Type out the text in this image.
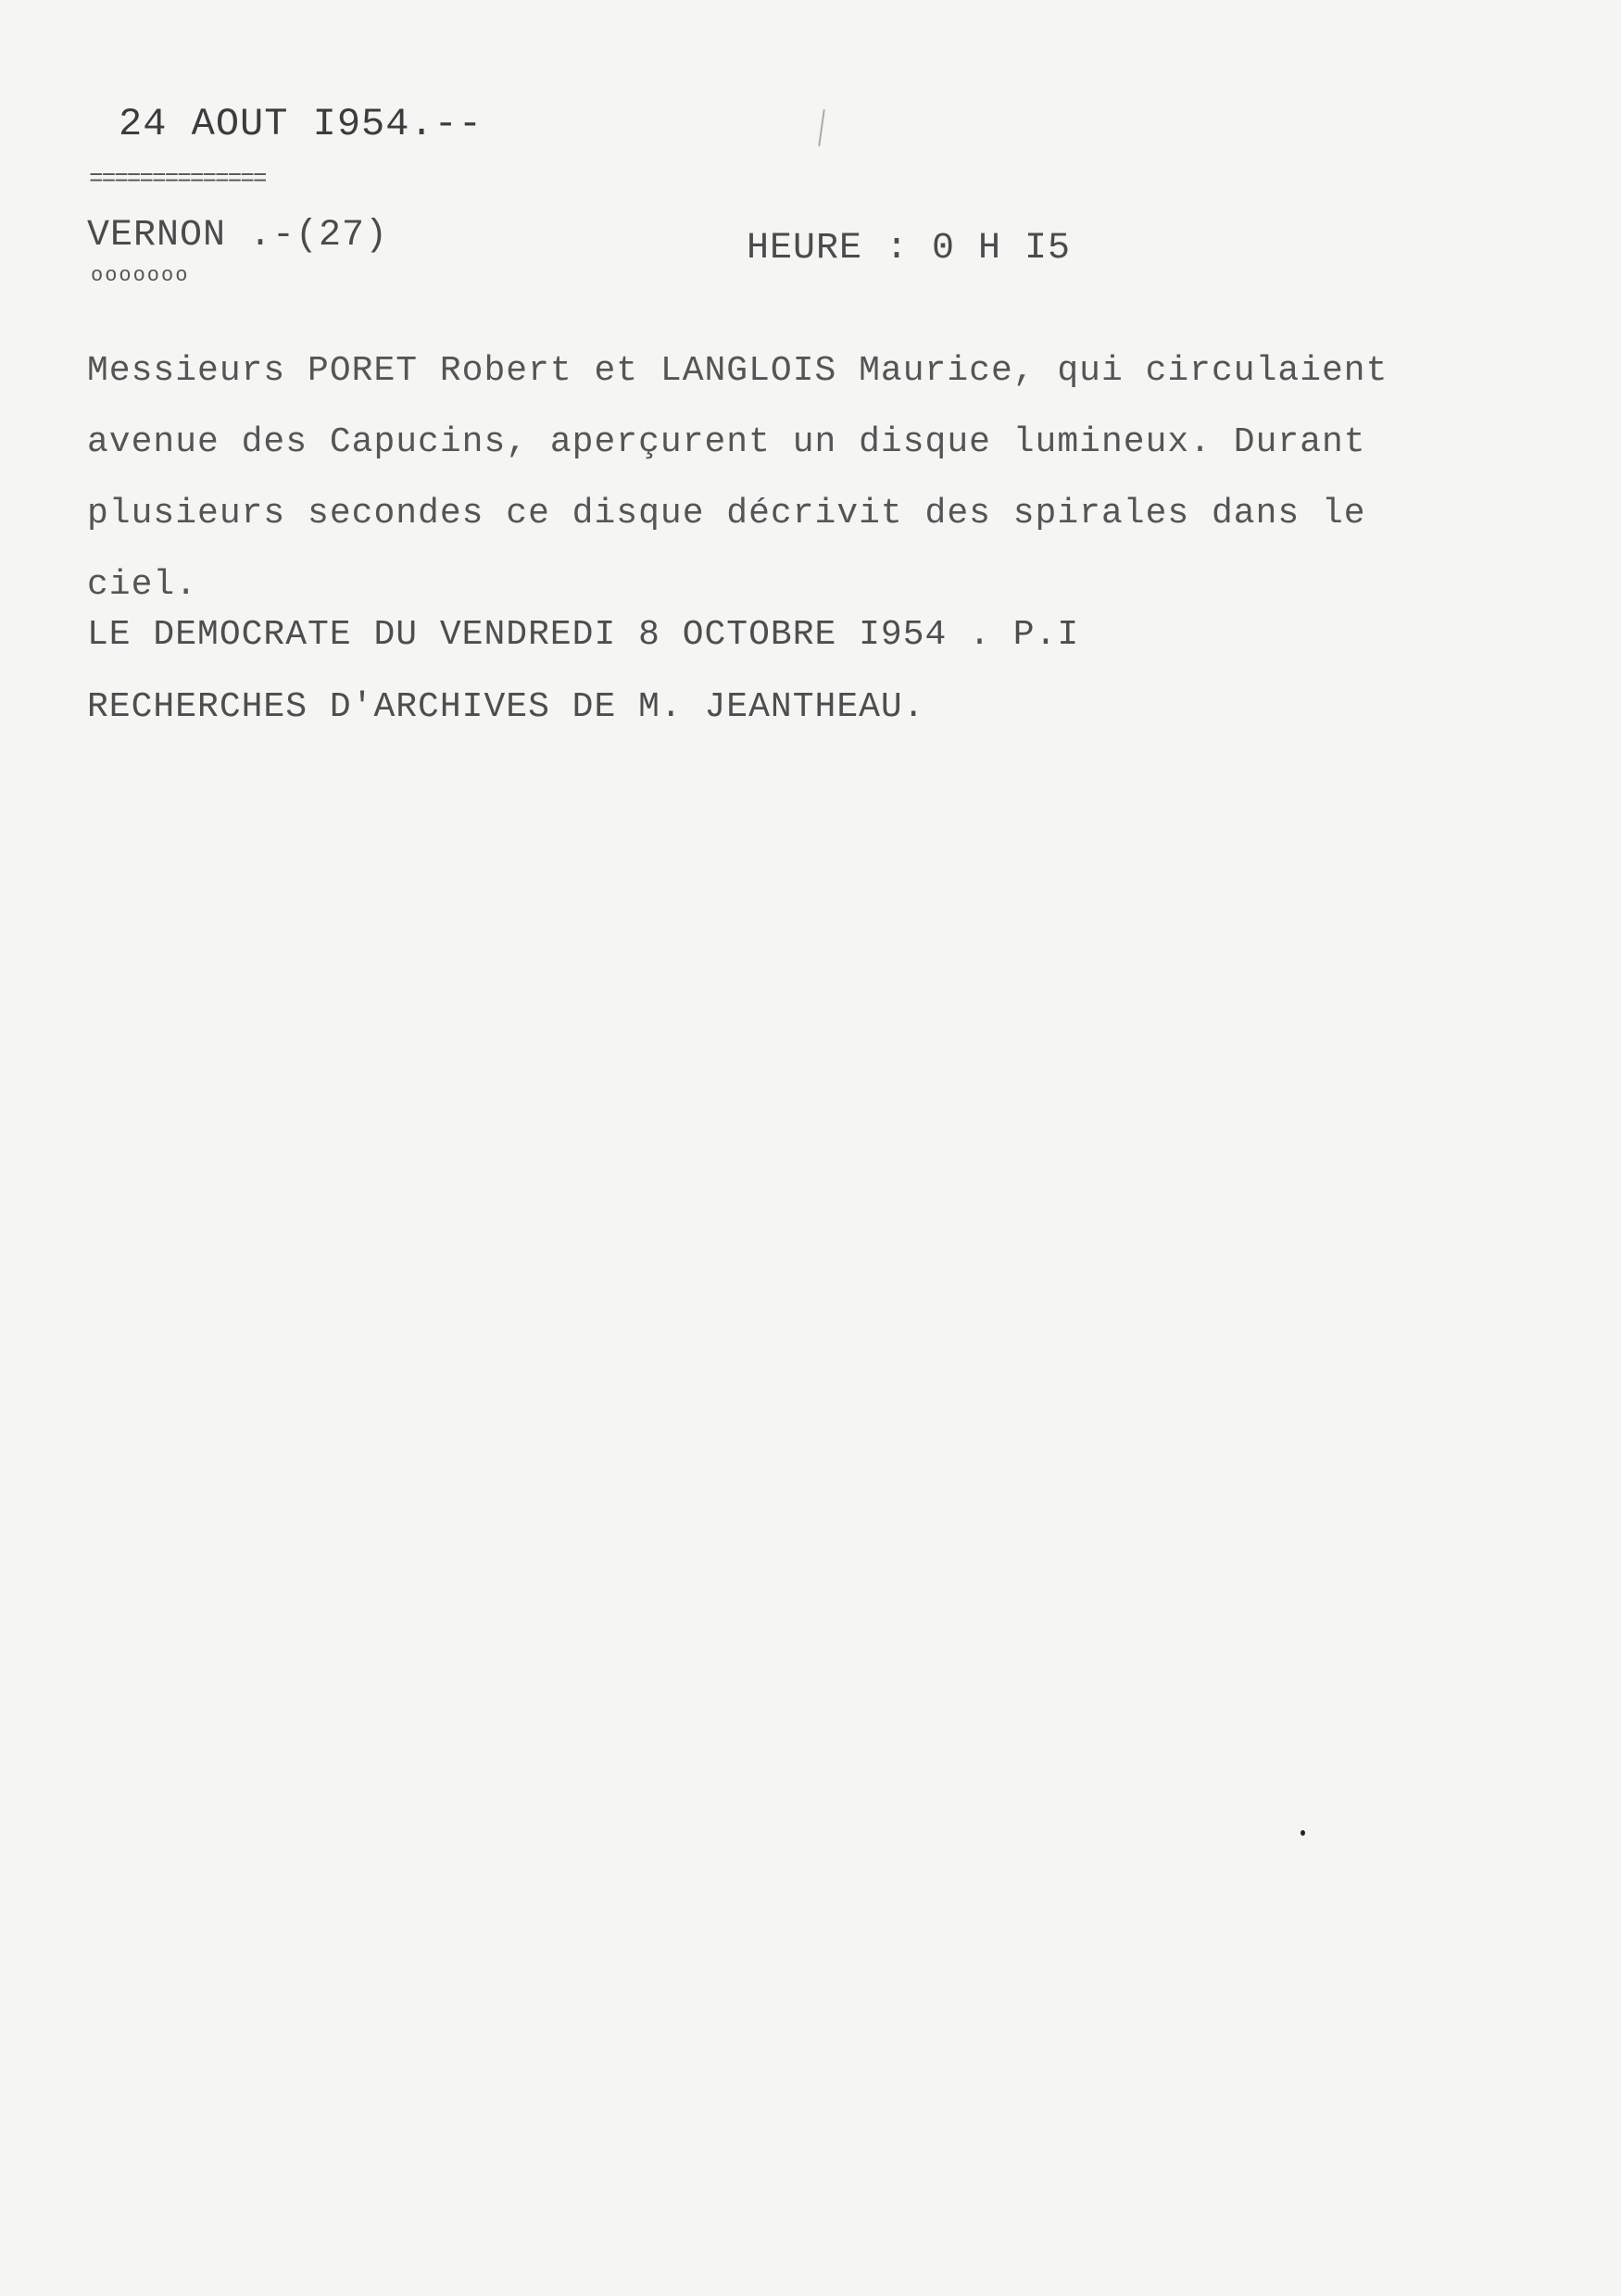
24 AOUT I954.--
==============
VERNON .-(27)
ooooooo
HEURE : 0 H I5
Messieurs PORET Robert et LANGLOIS Maurice, qui circulaient
avenue des Capucins, aperçurent un disque lumineux. Durant
plusieurs secondes ce disque décrivit des spirales dans le
ciel.
LE DEMOCRATE DU VENDREDI 8 OCTOBRE I954 . P.I
RECHERCHES D'ARCHIVES DE M. JEANTHEAU.
